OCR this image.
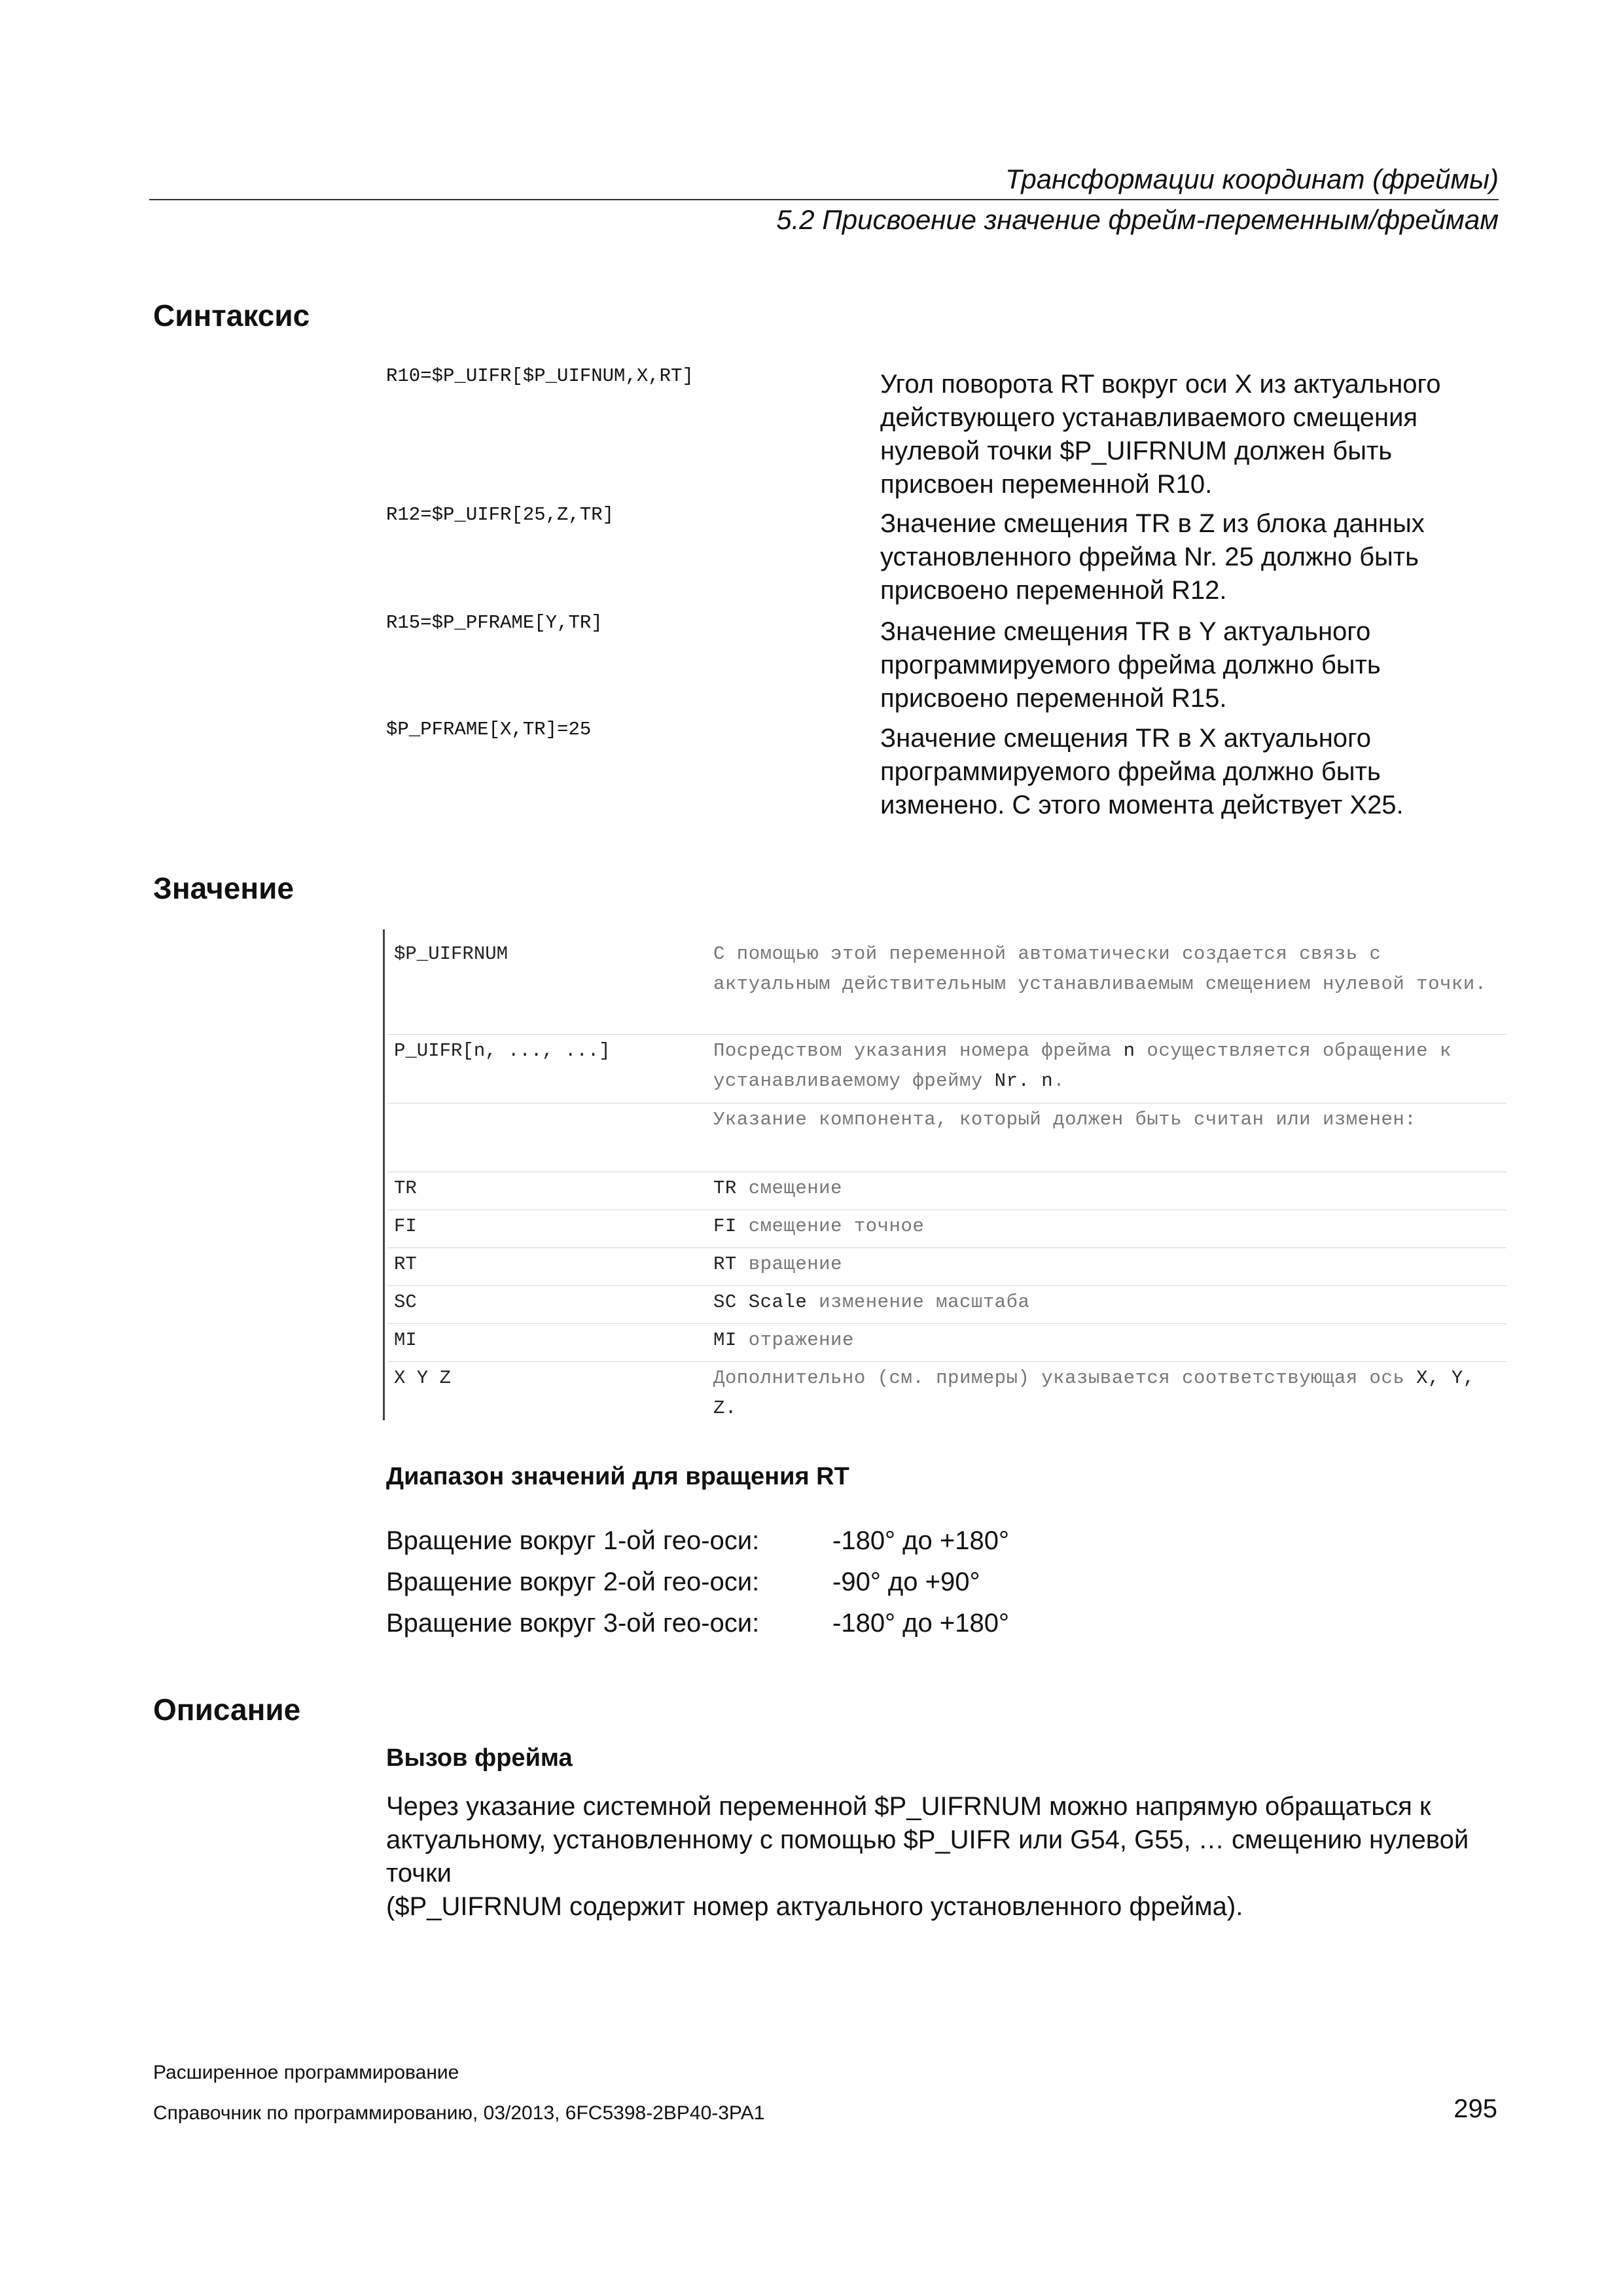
Трансформации координат (фреймы)
5.2 Присвоение значение фрейм-переменным/фреймам
Синтаксис
R10=$P_UIFR[$P_UIFNUM,X,RT]	Угол поворота RT вокруг оси X из актуального действующего устанавливаемого смещения нулевой точки $P_UIFRNUM должен быть присвоен переменной R10.
R12=$P_UIFR[25,Z,TR]	Значение смещения TR в Z из блока данных установленного фрейма Nr. 25 должно быть присвоено переменной R12.
R15=$P_PFRAME[Y,TR]	Значение смещения TR в Y актуального программируемого фрейма должно быть присвоено переменной R15.
$P_PFRAME[X,TR]=25	Значение смещения TR в X актуального программируемого фрейма должно быть изменено. С этого момента действует X25.
Значение
$P_UIFRNUM	С помощью этой переменной автоматически создается связь с актуальным действительным устанавливаемым смещением нулевой точки.
P_UIFR[n, ..., ...]	Посредством указания номера фрейма n осуществляется обращение к устанавливаемому фрейму Nr. n.
Указание компонента, который должен быть считан или изменен:
TR	TR смещение
FI	FI смещение точное
RT	RT вращение
SC	SC Scale изменение масштаба
MI	MI отражение
X Y Z	Дополнительно (см. примеры) указывается соответствующая ось X, Y, Z.
Диапазон значений для вращения RT
Вращение вокруг 1-ой гео-оси:	-180° до +180°
Вращение вокруг 2-ой гео-оси:	-90° до +90°
Вращение вокруг 3-ой гео-оси:	-180° до +180°
Описание
Вызов фрейма
Через указание системной переменной $P_UIFRNUM можно напрямую обращаться к актуальному, установленному с помощью $P_UIFR или G54, G55, … смещению нулевой точки
($P_UIFRNUM содержит номер актуального установленного фрейма).
Расширенное программирование
Справочник по программированию, 03/2013, 6FC5398-2BP40-3PA1	295
